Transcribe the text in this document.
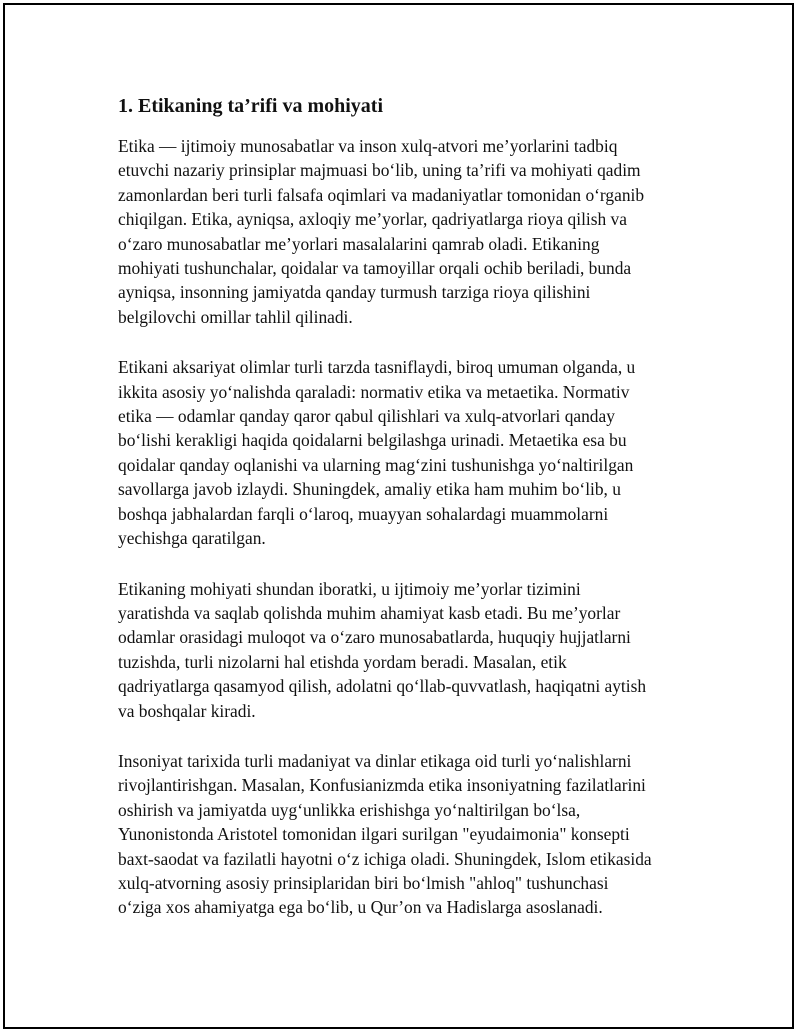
1. Etikaning ta’rifi va mohiyati

Etika — ijtimoiy munosabatlar va inson xulq-atvori me’yorlarini tadbiq
etuvchi nazariy prinsiplar majmuasi bo‘lib, uning ta’rifi va mohiyati qadim
zamonlardan beri turli falsafa oqimlari va madaniyatlar tomonidan o‘rganib
chiqilgan. Etika, ayniqsa, axloqiy me’yorlar, qadriyatlarga rioya qilish va
o‘zaro munosabatlar me’yorlari masalalarini qamrab oladi. Etikaning
mohiyati tushunchalar, qoidalar va tamoyillar orqali ochib beriladi, bunda
ayniqsa, insonning jamiyatda qanday turmush tarziga rioya qilishini
belgilovchi omillar tahlil qilinadi.

Etikani aksariyat olimlar turli tarzda tasniflaydi, biroq umuman olganda, u
ikkita asosiy yo‘nalishda qaraladi: normativ etika va metaetika. Normativ
etika — odamlar qanday qaror qabul qilishlari va xulq-atvorlari qanday
bo‘lishi kerakligi haqida qoidalarni belgilashga urinadi. Metaetika esa bu
qoidalar qanday oqlanishi va ularning mag‘zini tushunishga yo‘naltirilgan
savollarga javob izlaydi. Shuningdek, amaliy etika ham muhim bo‘lib, u
boshqa jabhalardan farqli o‘laroq, muayyan sohalardagi muammolarni
yechishga qaratilgan.

Etikaning mohiyati shundan iboratki, u ijtimoiy me’yorlar tizimini
yaratishda va saqlab qolishda muhim ahamiyat kasb etadi. Bu me’yorlar
odamlar orasidagi muloqot va o‘zaro munosabatlarda, huquqiy hujjatlarni
tuzishda, turli nizolarni hal etishda yordam beradi. Masalan, etik
qadriyatlarga qasamyod qilish, adolatni qo‘llab-quvvatlash, haqiqatni aytish
va boshqalar kiradi.

Insoniyat tarixida turli madaniyat va dinlar etikaga oid turli yo‘nalishlarni
rivojlantirishgan. Masalan, Konfusianizmda etika insoniyatning fazilatlarini
oshirish va jamiyatda uyg‘unlikka erishishga yo‘naltirilgan bo‘lsa,
Yunonistonda Aristotel tomonidan ilgari surilgan "eyudaimonia" konsepti
baxt-saodat va fazilatli hayotni o‘z ichiga oladi. Shuningdek, Islom etikasida
xulq-atvorning asosiy prinsiplaridan biri bo‘lmish "ahloq" tushunchasi
o‘ziga xos ahamiyatga ega bo‘lib, u Qur’on va Hadislarga asoslanadi.
